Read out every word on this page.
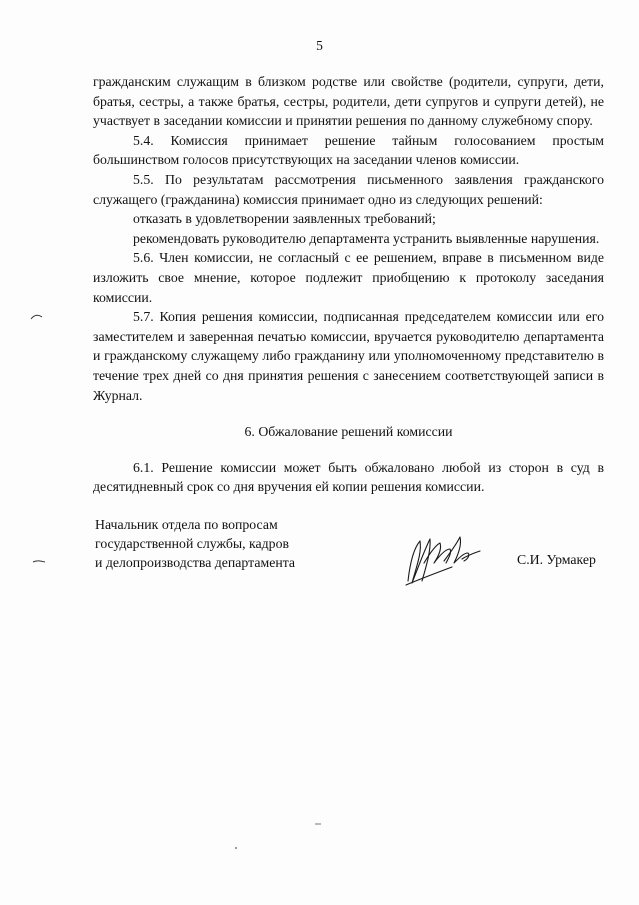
5

гражданским служащим в близком родстве или свойстве (родители, супруги, дети, братья, сестры, а также братья, сестры, родители, дети супругов и супруги детей), не участвует в заседании комиссии и принятии решения по данному служебному спору.

5.4. Комиссия принимает решение тайным голосованием простым большинством голосов присутствующих на заседании членов комиссии.

5.5. По результатам рассмотрения письменного заявления гражданского служащего (гражданина) комиссия принимает одно из следующих решений:

отказать в удовлетворении заявленных требований;

рекомендовать руководителю департамента устранить выявленные нарушения.

5.6. Член комиссии, не согласный с ее решением, вправе в письменном виде изложить свое мнение, которое подлежит приобщению к протоколу заседания комиссии.

5.7. Копия решения комиссии, подписанная председателем комиссии или его заместителем и заверенная печатью комиссии, вручается руководителю департамента и гражданскому служащему либо гражданину или уполномоченному представителю в течение трех дней со дня принятия решения с занесением соответствующей записи в Журнал.

6. Обжалование решений комиссии

6.1. Решение комиссии может быть обжаловано любой из сторон в суд в десятидневный срок со дня вручения ей копии решения комиссии.

Начальник отдела по вопросам
государственной службы, кадров
и делопроизводства департамента	С.И. Урмакер
